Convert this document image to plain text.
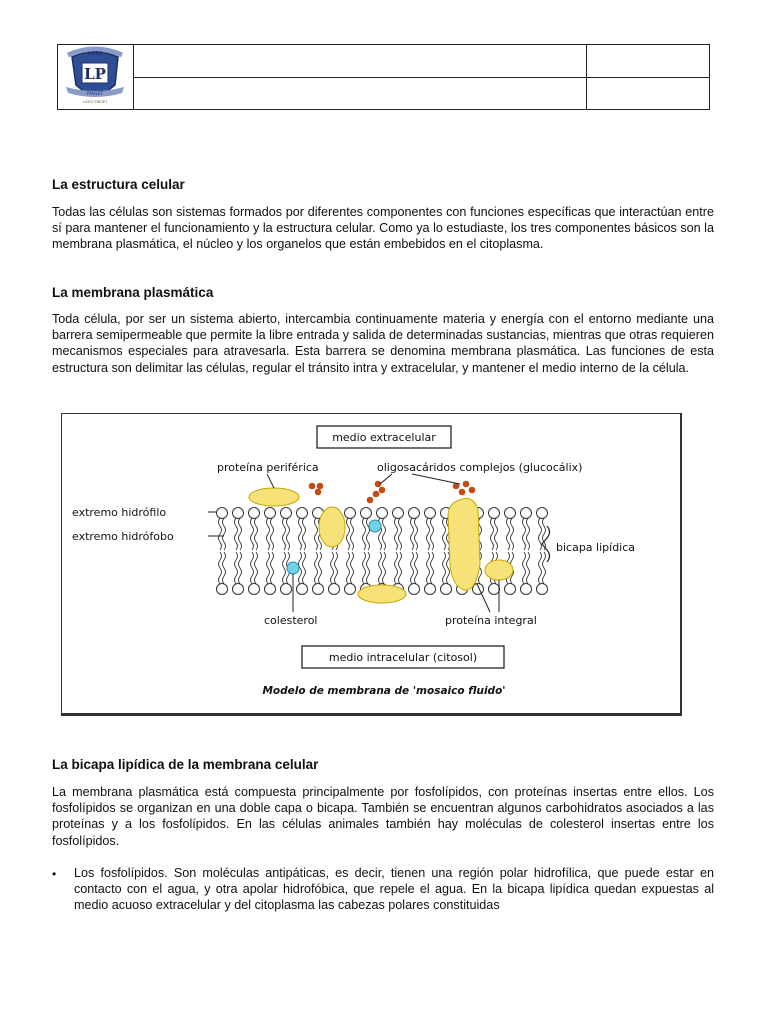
LICEO
LP
PIAGET
LICEO PIAGET
La estructura celular

Todas las células son sistemas formados por diferentes componentes con funciones específicas que interactúan entre sí para mantener el funcionamiento y la estructura celular. Como ya lo estudiaste, los tres componentes básicos son la membrana plasmática, el núcleo y los organelos que están embebidos en el citoplasma.

La membrana plasmática

Toda célula, por ser un sistema abierto, intercambia continuamente materia y energía con el entorno mediante una barrera semipermeable que permite la libre entrada y salida de determinadas sustancias, mientras que otras requieren mecanismos especiales para atravesarla. Esta barrera se denomina membrana plasmática. Las funciones de esta estructura son delimitar las células, regular el tránsito intra y extracelular, y mantener el medio interno de la célula.

medio extracelular
proteína periférica	oligosacáridos complejos (glucocálix)
extremo hidrófilo
extremo hidrófobo
bicapa lipídica
colesterol	proteína integral
medio intracelular (citosol)
Modelo de membrana de 'mosaico fluido'
La bicapa lipídica de la membrana celular

La membrana plasmática está compuesta principalmente por fosfolípidos, con proteínas insertas entre ellos. Los fosfolípidos se organizan en una doble capa o bicapa. También se encuentran algunos carbohidratos asociados a las proteínas y a los fosfolípidos. En las células animales también hay moléculas de colesterol insertas entre los fosfolípidos.

• Los fosfolípidos. Son moléculas antipáticas, es decir, tienen una región polar hidrofílica, que puede estar en contacto con el agua, y otra apolar hidrofóbica, que repele el agua. En la bicapa lipídica quedan expuestas al medio acuoso extracelular y del citoplasma las cabezas polares constituidas
